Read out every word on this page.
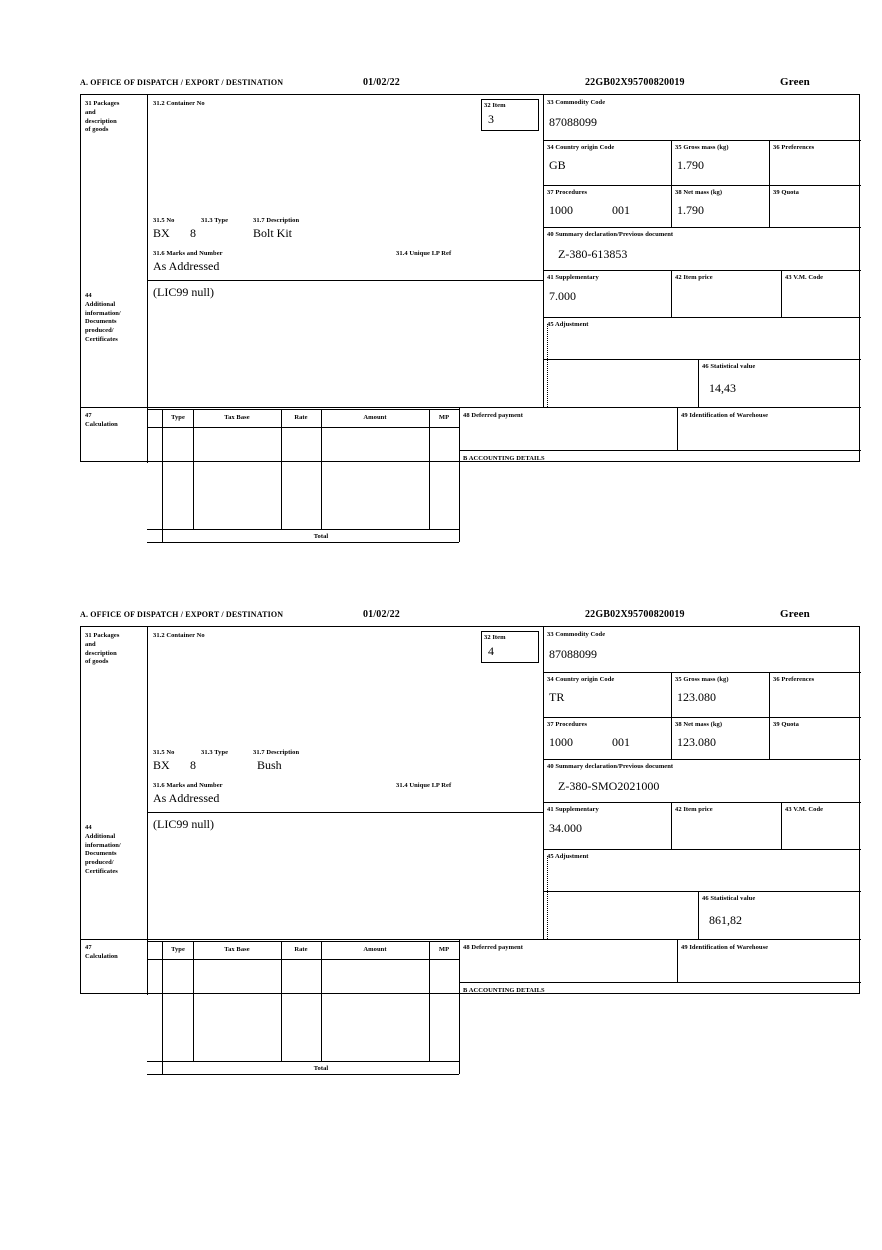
A. OFFICE OF DISPATCH / EXPORT / DESTINATION	01/02/22	22GB02X95700820019	Green
31 Packages
and
description
of goods
31.2 Container No
31.5 No	31.3 Type	31.7 Description
BX 8	Bolt Kit
31.6 Marks and Number	31.4 Unique I.P Ref
As Addressed
32 Item
3
33 Commodity Code
87088099
34 Country origin Code
GB
35 Gross mass (kg)
1.790
36 Preferences
37 Procedures
1000	001
38 Net mass (kg)
1.790
39 Quota
40 Summary declaration/Previous document
Z-380-613853
41 Supplementary
7.000
42 Item price	43 V.M. Code
45 Adjustment
46 Statistical value
14,43
44
Additional
information/
Documents
produced/
Certificates
(LIC99 null)
47
Calculation
Type	Tax Base	Rate	Amount	MP
Total
48 Deferred payment	49 Identification of Warehouse
B ACCOUNTING DETAILS
A. OFFICE OF DISPATCH / EXPORT / DESTINATION	01/02/22	22GB02X95700820019	Green
31 Packages
and
description
of goods
31.2 Container No
31.5 No	31.3 Type	31.7 Description
BX 8	Bush
31.6 Marks and Number	31.4 Unique I.P Ref
As Addressed
32 Item
4
33 Commodity Code
87088099
34 Country origin Code
TR
35 Gross mass (kg)
123.080
36 Preferences
37 Procedures
1000	001
38 Net mass (kg)
123.080
39 Quota
40 Summary declaration/Previous document
Z-380-SMO2021000
41 Supplementary
34.000
42 Item price	43 V.M. Code
45 Adjustment
46 Statistical value
861,82
44
Additional
information/
Documents
produced/
Certificates
(LIC99 null)
47
Calculation
Type	Tax Base	Rate	Amount	MP
Total
48 Deferred payment	49 Identification of Warehouse
B ACCOUNTING DETAILS
